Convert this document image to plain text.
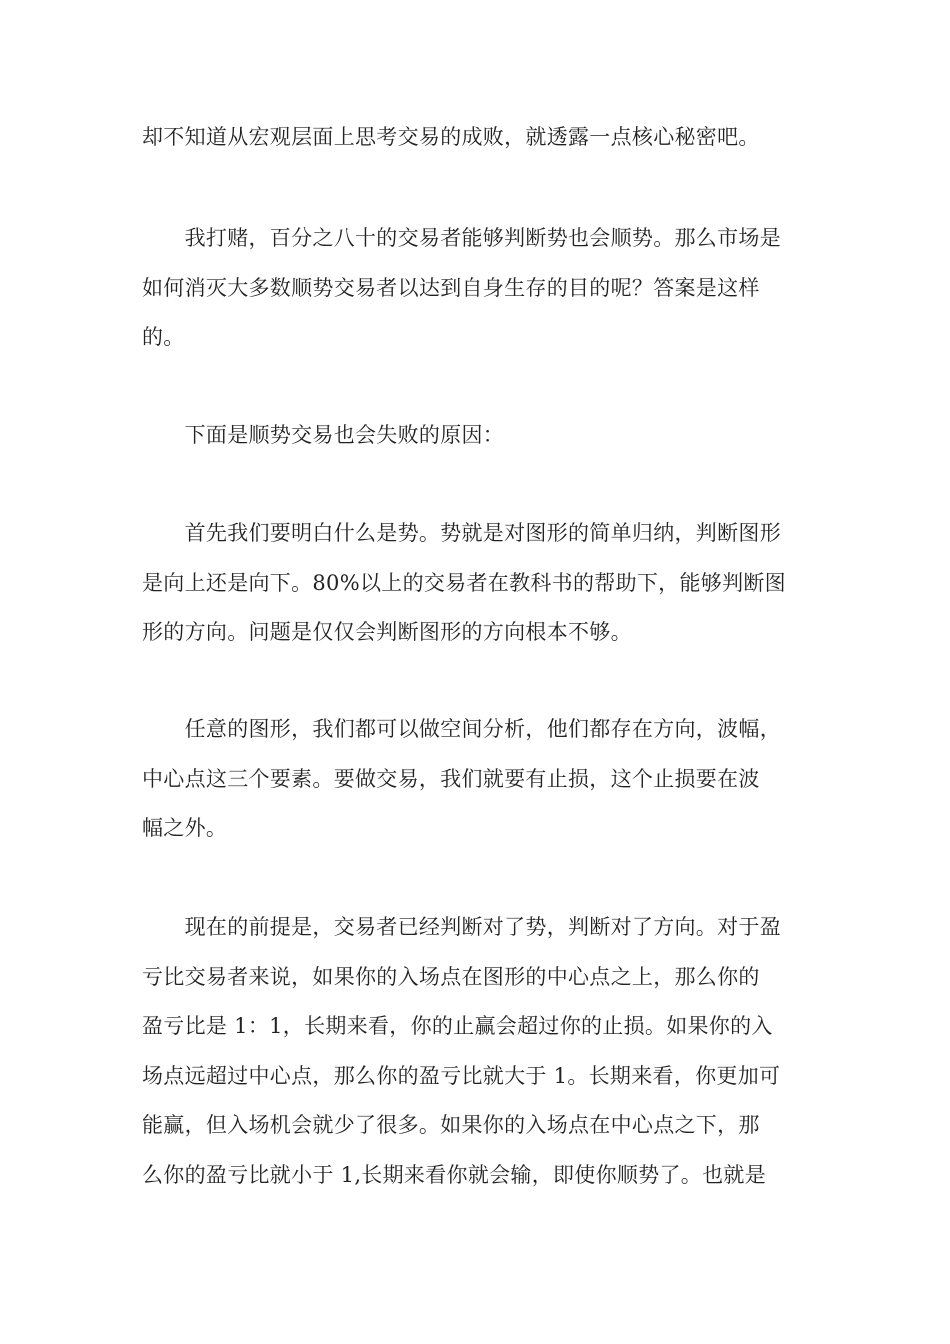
却不知道从宏观层面上思考交易的成败，就透露一点核心秘密吧。

　　我打赌，百分之八十的交易者能够判断势也会顺势。那么市场是
如何消灭大多数顺势交易者以达到自身生存的目的呢？答案是这样
的。

　　下面是顺势交易也会失败的原因：

　　首先我们要明白什么是势。势就是对图形的简单归纳，判断图形
是向上还是向下。80%以上的交易者在教科书的帮助下，能够判断图
形的方向。问题是仅仅会判断图形的方向根本不够。

　　任意的图形，我们都可以做空间分析，他们都存在方向，波幅，
中心点这三个要素。要做交易，我们就要有止损，这个止损要在波
幅之外。

　　现在的前提是，交易者已经判断对了势，判断对了方向。对于盈
亏比交易者来说，如果你的入场点在图形的中心点之上，那么你的
盈亏比是 1：1，长期来看，你的止赢会超过你的止损。如果你的入
场点远超过中心点，那么你的盈亏比就大于 1。长期来看，你更加可
能赢，但入场机会就少了很多。如果你的入场点在中心点之下，那
么你的盈亏比就小于 1,长期来看你就会输，即使你顺势了。也就是
